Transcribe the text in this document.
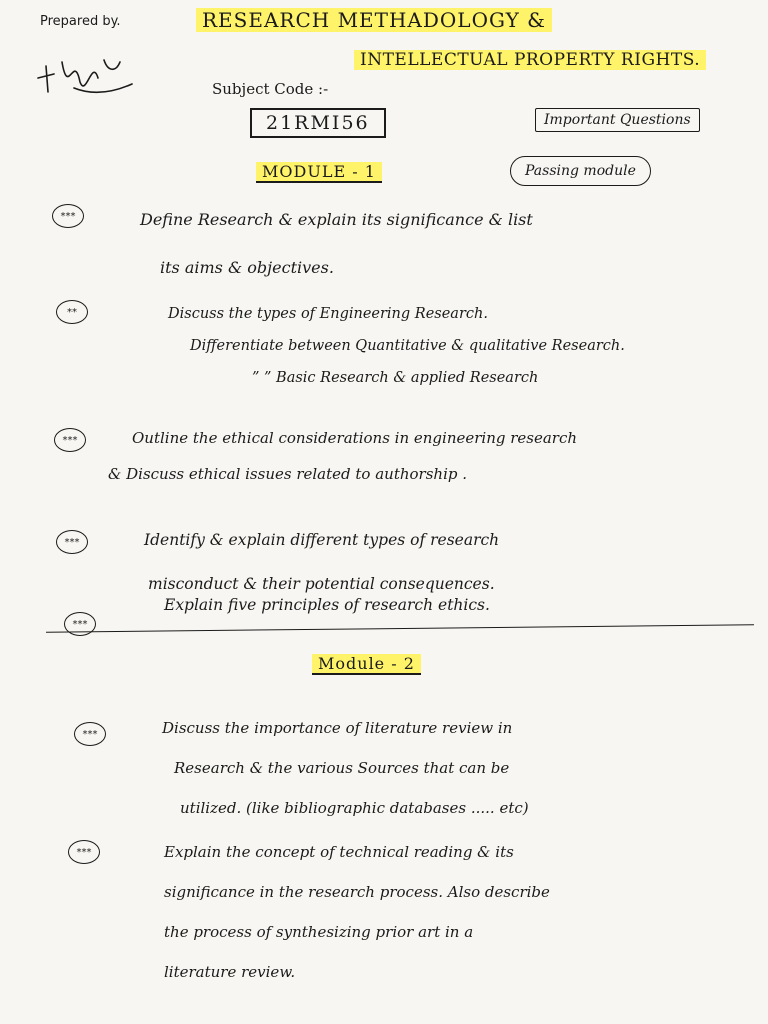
Prepared by.	RESEARCH METHADOLOGY &
INTELLECTUAL PROPERTY RIGHTS.
Subject Code :-
21RMI56	Important Questions
MODULE - 1	Passing module
***	Define Research & explain its significance & list
its aims & objectives.
**	Discuss the types of Engineering Research.
Differentiate between Quantitative & qualitative Research.
” ” Basic Research & applied Research
***	Outline the ethical considerations in engineering research
& Discuss ethical issues related to authorship .
***	Identify & explain different types of research
misconduct & their potential consequences.
***
Explain five principles of research ethics.
Module - 2
***	Discuss the importance of literature review in
Research & the various Sources that can be
utilized. (like bibliographic databases ..... etc)
***	Explain the concept of technical reading & its
significance in the research process. Also describe
the process of synthesizing prior art in a
literature review.
